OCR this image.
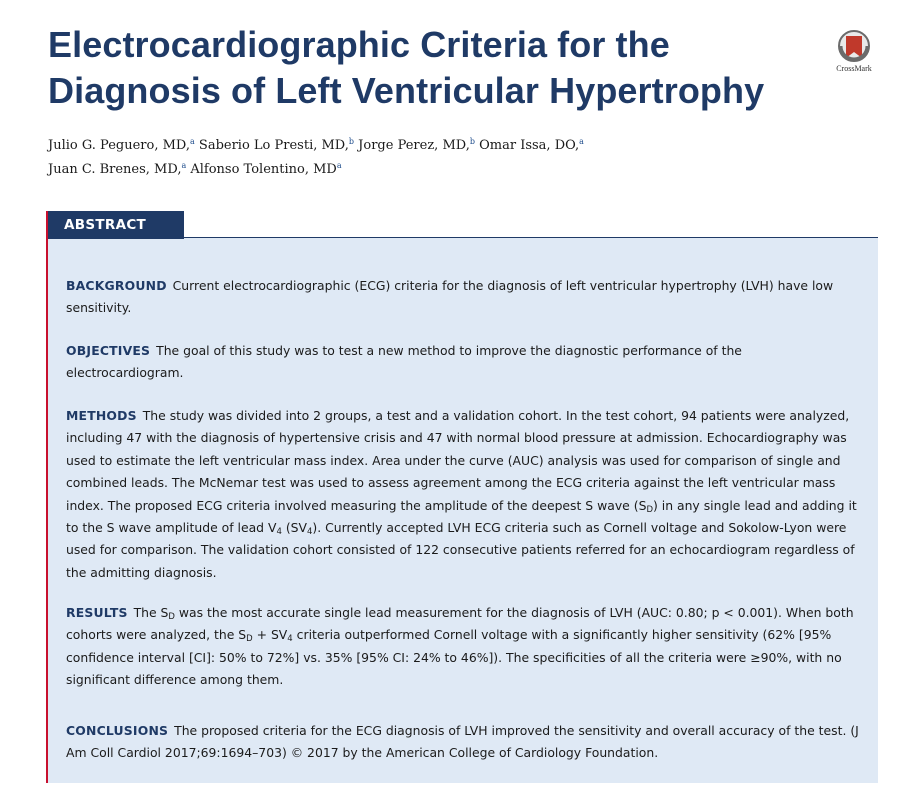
Electrocardiographic Criteria for the Diagnosis of Left Ventricular Hypertrophy
CrossMark
Julio G. Peguero, MD,$^a$ Saberio Lo Presti, MD,$^b$ Jorge Perez, MD,$^b$ Omar Issa, DO,$^a$
Juan C. Brenes, MD,$^a$ Alfonso Tolentino, $MD^a$

BACKGROUND Current electrocardiographic (ECG) criteria for the diagnosis of left ventricular hypertrophy (LVH) have low sensitivity.

OBJECTIVES The goal of this study was to test a new method to improve the diagnostic performance of the electrocardiogram.

METHODS The study was divided into 2 groups, a test and a validation cohort. In the test cohort, 94 patients were analyzed, including 47 with the diagnosis of hypertensive crisis and 47 with normal blood pressure at admission. Echocardiography was used to estimate the left ventricular mass index. Area under the curve (AUC) analysis was used for comparison of single and combined leads. The McNemar test was used to assess agreement among the ECG criteria against the left ventricular mass index. The proposed ECG criteria involved measuring the amplitude of the deepest S wave $(S_D)$ in any single lead and adding it to the S wave amplitude of lead $V_4$ $(SV_4)$. Currently accepted LVH ECG criteria such as Cornell voltage and Sokolow-Lyon were used for comparison. The validation cohort consisted of 122 consecutive patients referred for an echocardiogram regardless of the admitting diagnosis.

RESULTS The $S_D$ was the most accurate single lead measurement for the diagnosis of LVH (AUC: 0.80; p < 0.001). When both cohorts were analyzed, the $S_D + SV_4$ criteria outperformed Cornell voltage with a significantly higher sensitivity (62% [95% confidence interval [CI]: 50% to 72%] vs. 35% [95% CI: 24% to 46%]). The specificities of all the criteria were ≥90%, with no significant difference among them.

CONCLUSIONS The proposed criteria for the ECG diagnosis of LVH improved the sensitivity and overall accuracy of the test. (J Am Coll Cardiol 2017;69:1694–703) © 2017 by the American College of Cardiology Foundation.

ABSTRACT
